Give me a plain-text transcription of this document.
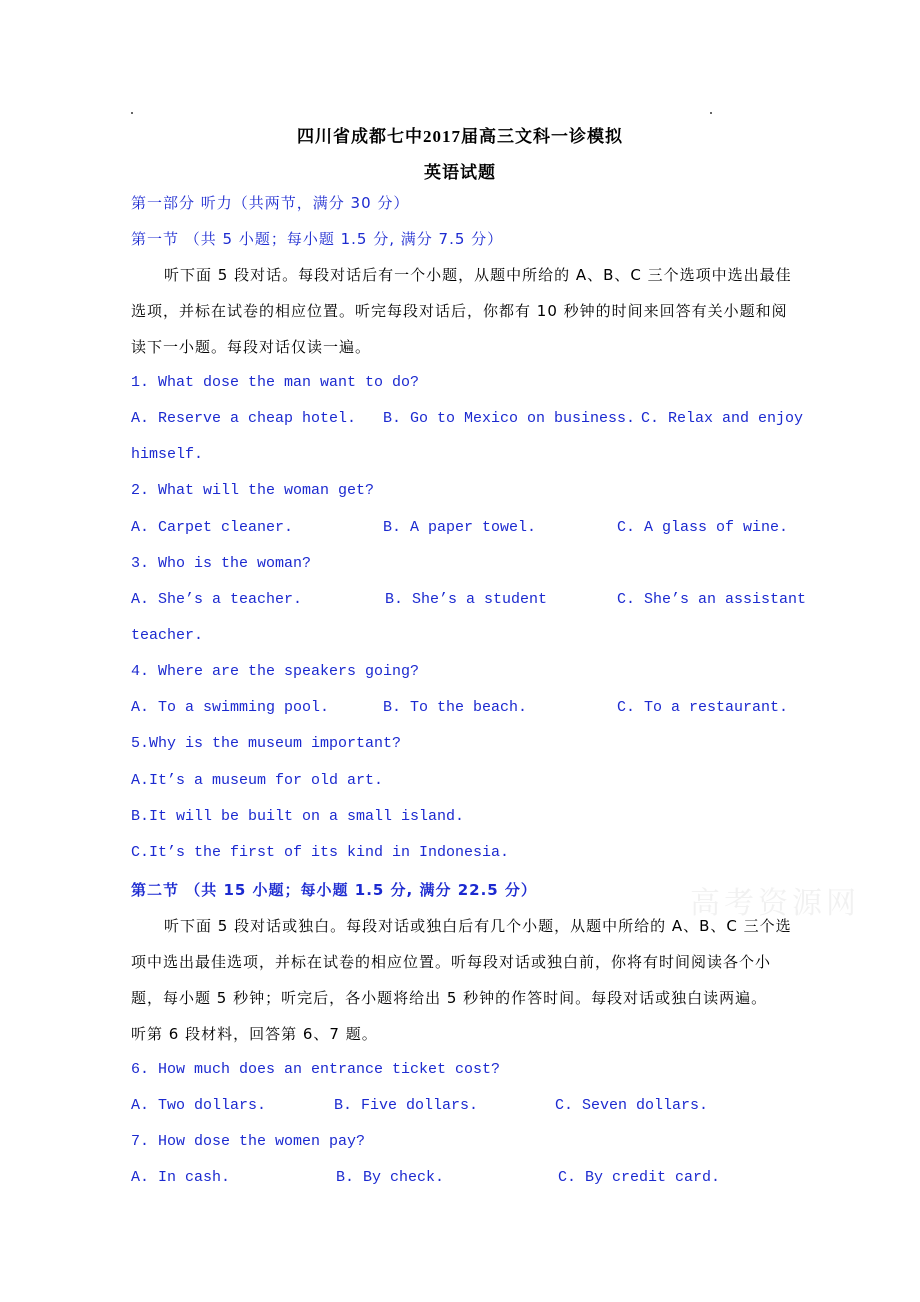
高考资源网
四川省成都七中2017届高三文科一诊模拟
英语试题
第一部分 听力（共两节，满分 30 分）
第一节 （共 5 小题；每小题 1.5 分, 满分 7.5 分）
听下面 5 段对话。每段对话后有一个小题，从题中所给的 A、B、C 三个选项中选出最佳
选项，并标在试卷的相应位置。听完每段对话后，你都有 10 秒钟的时间来回答有关小题和阅
读下一小题。每段对话仅读一遍。
1. What dose the man want to do?
A. Reserve a cheap hotel. B. Go to Mexico on business. C. Relax and enjoy
himself.
2. What will the woman get?
A. Carpet cleaner.	B. A paper towel.	C. A glass of wine.
3. Who is the woman?
A. She’s a teacher.	B. She’s a student	C. She’s an assistant
teacher.
4. Where are the speakers going?
A. To a swimming pool.	B. To the beach.	C. To a restaurant.
5.Why is the museum important?
A.It’s a museum for old art.
B.It will be built on a small island.
C.It’s the first of its kind in Indonesia.
第二节 （共 15 小题；每小题 1.5 分, 满分 22.5 分）
听下面 5 段对话或独白。每段对话或独白后有几个小题，从题中所给的 A、B、C 三个选
项中选出最佳选项，并标在试卷的相应位置。听每段对话或独白前，你将有时间阅读各个小
题，每小题 5 秒钟；听完后，各小题将给出 5 秒钟的作答时间。每段对话或独白读两遍。
听第 6 段材料，回答第 6、7 题。
6. How much does an entrance ticket cost?
A. Two dollars.	B. Five dollars.	C. Seven dollars.
7. How dose the women pay?
A. In cash.	B. By check.	C. By credit card.
